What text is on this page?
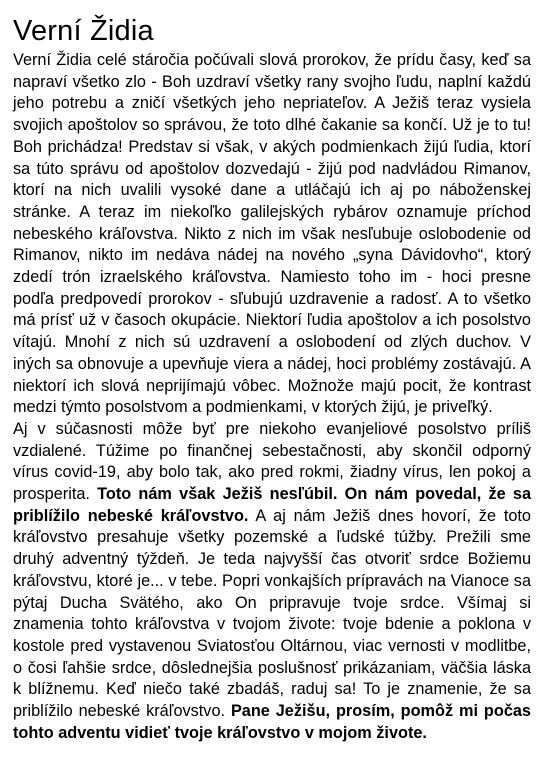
Verní Židia

Verní Židia celé stáročia počúvali slová prorokov, že prídu časy, keď sa napraví všetko zlo - Boh uzdraví všetky rany svojho ľudu, naplní každú jeho potrebu a zničí všetkých jeho nepriateľov. A Ježiš teraz vysiela svojich apoštolov so správou, že toto dlhé čakanie sa končí. Už je to tu! Boh prichádza! Predstav si však, v akých podmienkach žijú ľudia, ktorí sa túto správu od apoštolov dozvedajú - žijú pod nadvládou Rimanov, ktorí na nich uvalili vysoké dane a utláčajú ich aj po náboženskej stránke. A teraz im niekoľko galilejských rybárov oznamuje príchod nebeského kráľovstva. Nikto z nich im však nesľubuje oslobodenie od Rimanov, nikto im nedáva nádej na nového „syna Dávidovho“, ktorý zdedí trón izraelského kráľovstva. Namiesto toho im - hoci presne podľa predpovedí prorokov - sľubujú uzdravenie a radosť. A to všetko má prísť už v časoch okupácie. Niektorí ľudia apoštolov a ich posolstvo vítajú. Mnohí z nich sú uzdravení a oslobodení od zlých duchov. V iných sa obnovuje a upevňuje viera a nádej, hoci problémy zostávajú. A niektorí ich slová neprijímajú vôbec. Možnože majú pocit, že kontrast medzi týmto posolstvom a podmienkami, v ktorých žijú, je priveľký.

Aj v súčasnosti môže byť pre niekoho evanjeliové posolstvo príliš vzdialené. Túžime po finančnej sebestačnosti, aby skončil odporný vírus covid-19, aby bolo tak, ako pred rokmi, žiadny vírus, len pokoj a prosperita. Toto nám však Ježiš nesľúbil. On nám povedal, že sa priblížilo nebeské kráľovstvo. A aj nám Ježiš dnes hovorí, že toto kráľovstvo presahuje všetky pozemské a ľudské túžby. Prežili sme druhý adventný týždeň. Je teda najvyšší čas otvoriť srdce Božiemu kráľovstvu, ktoré je... v tebe. Popri vonkajších prípravách na Vianoce sa pýtaj Ducha Svätého, ako On pripravuje tvoje srdce. Všímaj si znamenia tohto kráľovstva v tvojom živote: tvoje bdenie a poklona v kostole pred vystavenou Sviatosťou Oltárnou, viac vernosti v modlitbe, o čosi ľahšie srdce, dôslednejšia poslušnosť prikázaniam, väčšia láska k blížnemu. Keď niečo také zbadáš, raduj sa! To je znamenie, že sa priblížilo nebeské kráľovstvo. Pane Ježišu, prosím, pomôž mi počas tohto adventu vidieť tvoje kráľovstvo v mojom živote.
